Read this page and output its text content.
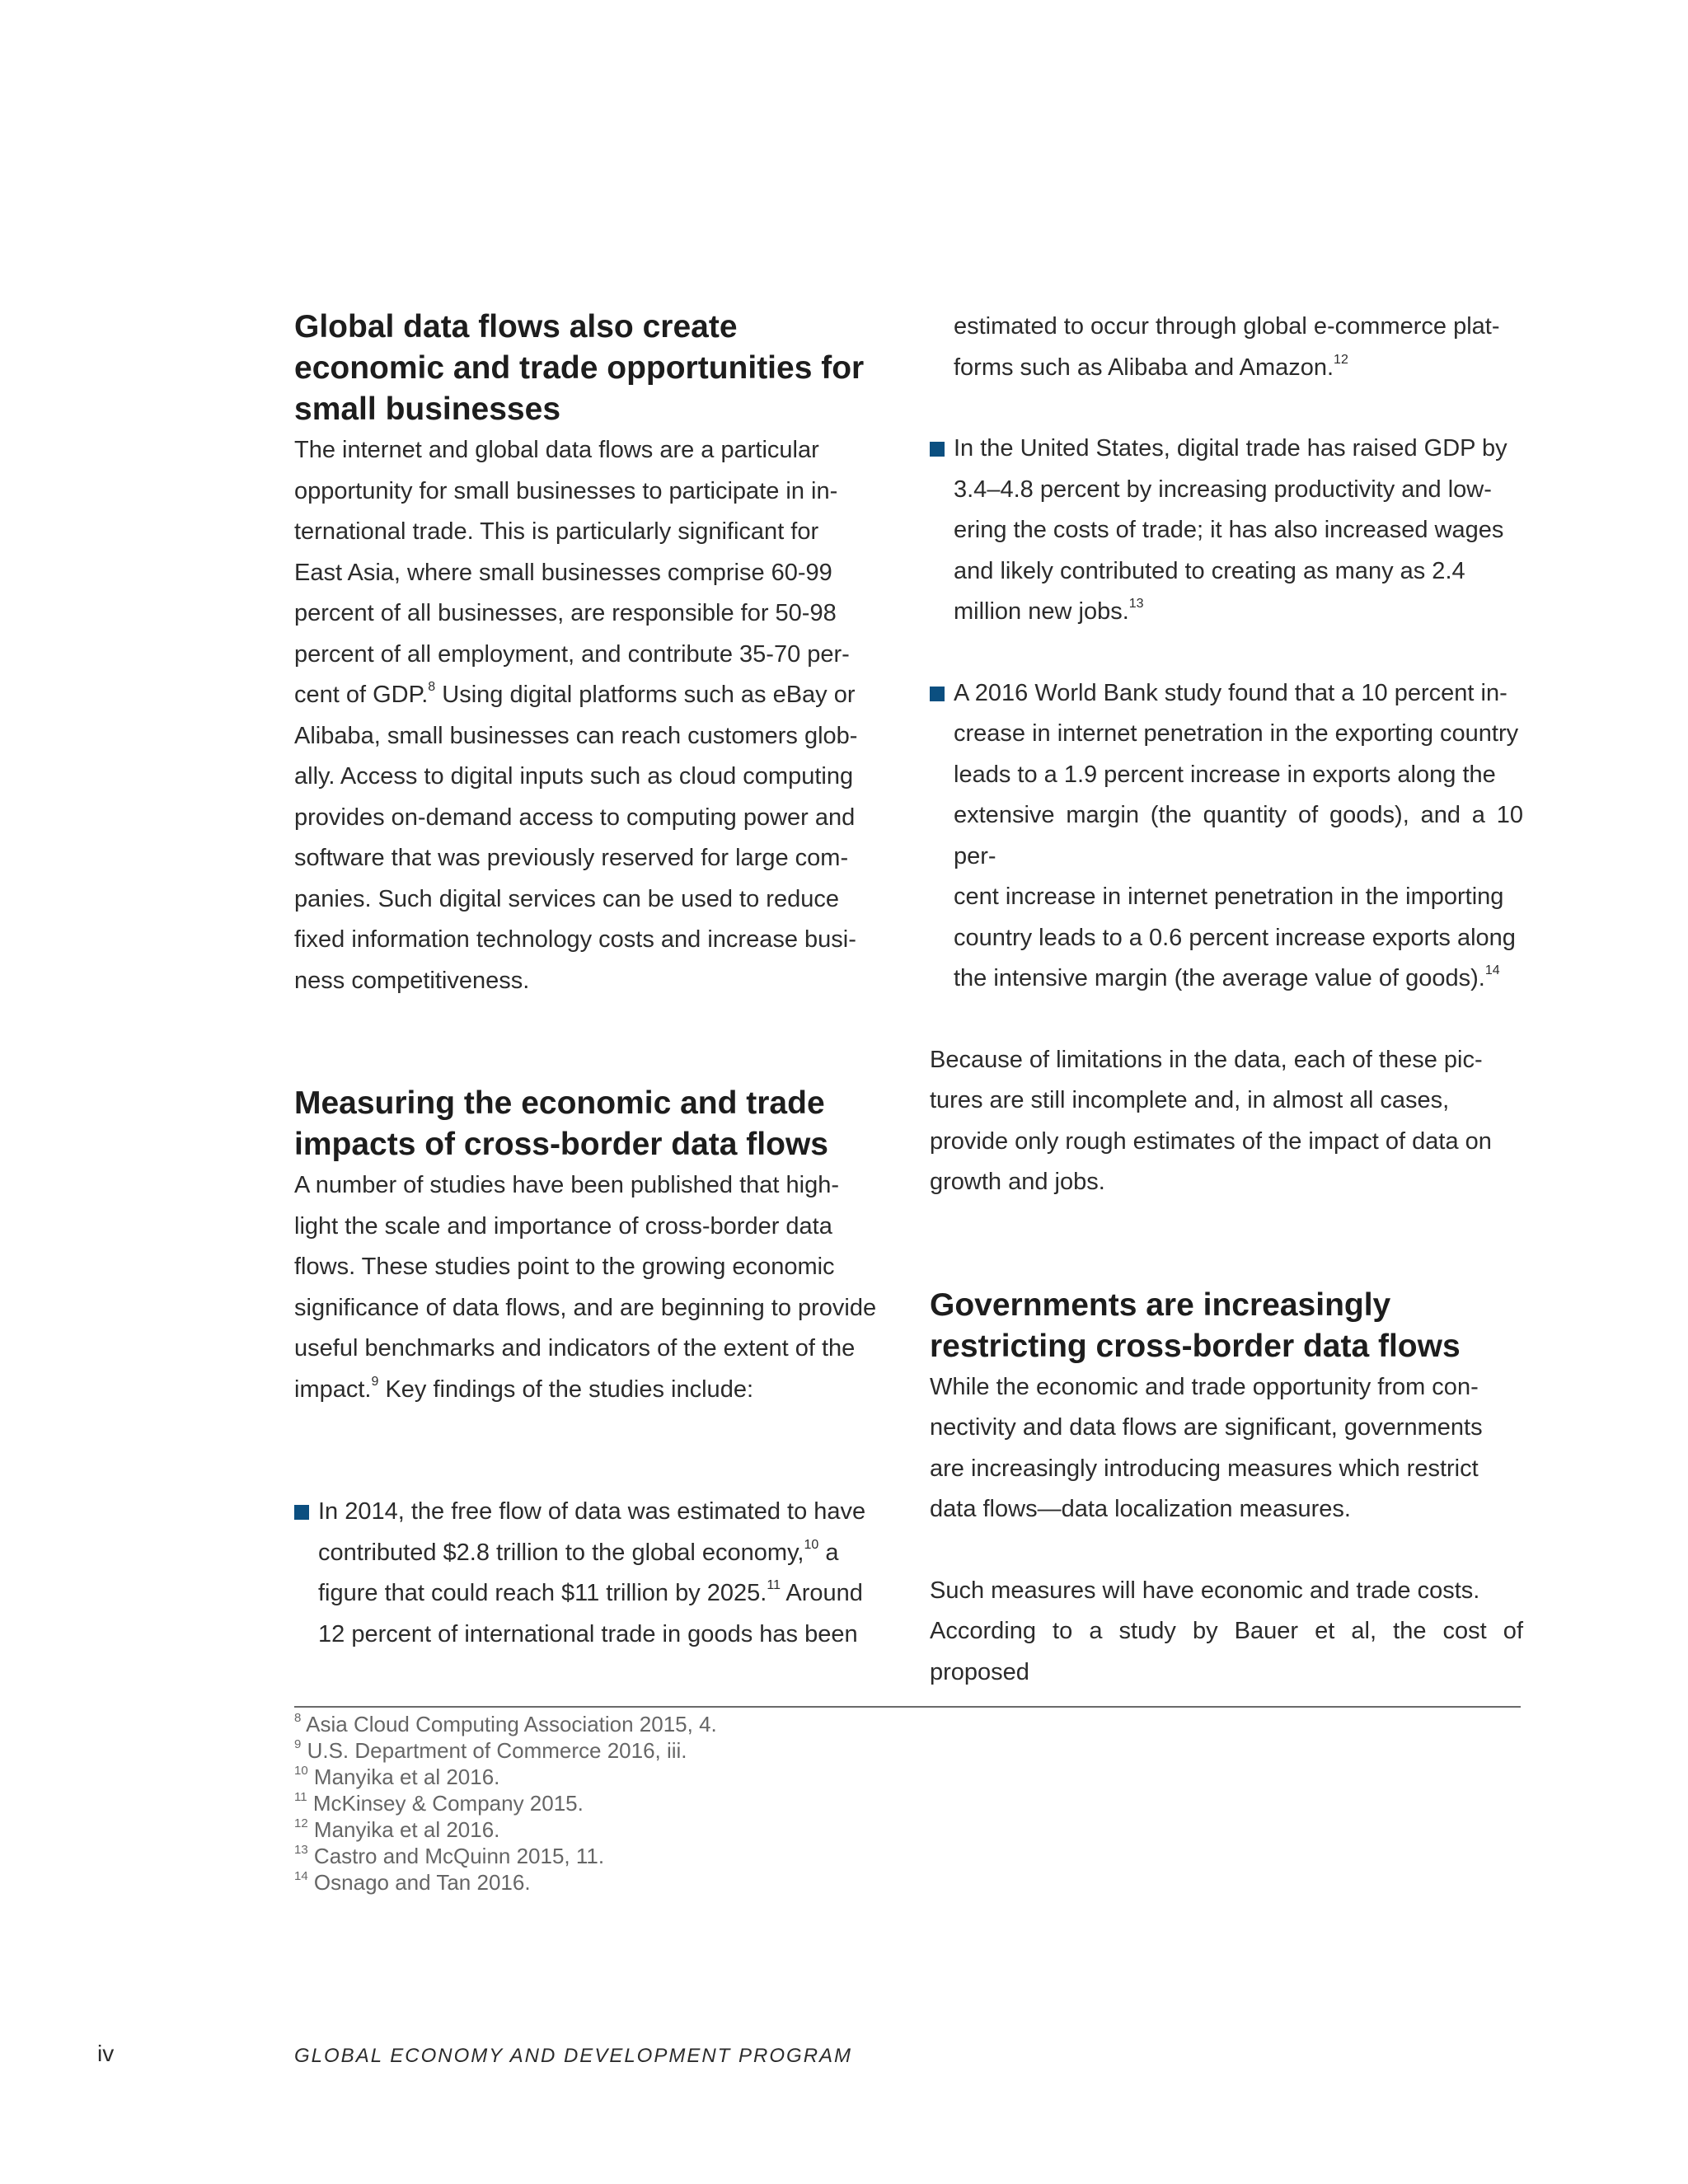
Global data flows also create
economic and trade opportunities for
small businesses

The internet and global data flows are a particular
opportunity for small businesses to participate in in-
ternational trade. This is particularly significant for
East Asia, where small businesses comprise 60-99
percent of all businesses, are responsible for 50-98
percent of all employment, and contribute 35-70 per-
cent of GDP.$^8$ Using digital platforms such as eBay or
Alibaba, small businesses can reach customers glob-
ally. Access to digital inputs such as cloud computing
provides on-demand access to computing power and
software that was previously reserved for large com-
panies. Such digital services can be used to reduce
fixed information technology costs and increase busi-
ness competitiveness.

Measuring the economic and trade
impacts of cross-border data flows

A number of studies have been published that high-
light the scale and importance of cross-border data
flows. These studies point to the growing economic
significance of data flows, and are beginning to provide
useful benchmarks and indicators of the extent of the
impact.$^9$ Key findings of the studies include:

In 2014, the free flow of data was estimated to have
contributed $2.8 trillion to the global economy,$^{10}$ a
figure that could reach $11 trillion by 2025.11 Around
12 percent of international trade in goods has been

estimated to occur through global e-commerce plat-
forms such as Alibaba and Amazon.$^{12}$

In the United States, digital trade has raised GDP by
3.4–4.8 percent by increasing productivity and low-
ering the costs of trade; it has also increased wages
and likely contributed to creating as many as 2.4
million new jobs.$^{13}$

A 2016 World Bank study found that a 10 percent in-
crease in internet penetration in the exporting country
leads to a 1.9 percent increase in exports along the
extensive margin (the quantity of goods), and a 10 per-
cent increase in internet penetration in the importing
country leads to a 0.6 percent increase exports along
the intensive margin (the average value of goods).$^{14}$

Because of limitations in the data, each of these pic-
tures are still incomplete and, in almost all cases,
provide only rough estimates of the impact of data on
growth and jobs.

Governments are increasingly
restricting cross-border data flows

While the economic and trade opportunity from con-
nectivity and data flows are significant, governments
are increasingly introducing measures which restrict
data flows—data localization measures.

Such measures will have economic and trade costs.
According to a study by Bauer et al, the cost of proposed

$^8$ Asia Cloud Computing Association 2015, 4.
$^9$ U.S. Department of Commerce 2016, iii.
$^{10}$ Manyika et al 2016.
$^{11}$ McKinsey & Company 2015.
$^{12}$ Manyika et al 2016.
$^{13}$ Castro and McQuinn 2015, 11.
$^{14}$ Osnago and Tan 2016.
iv	GLOBAL ECONOMY AND DEVELOPMENT PROGRAM
